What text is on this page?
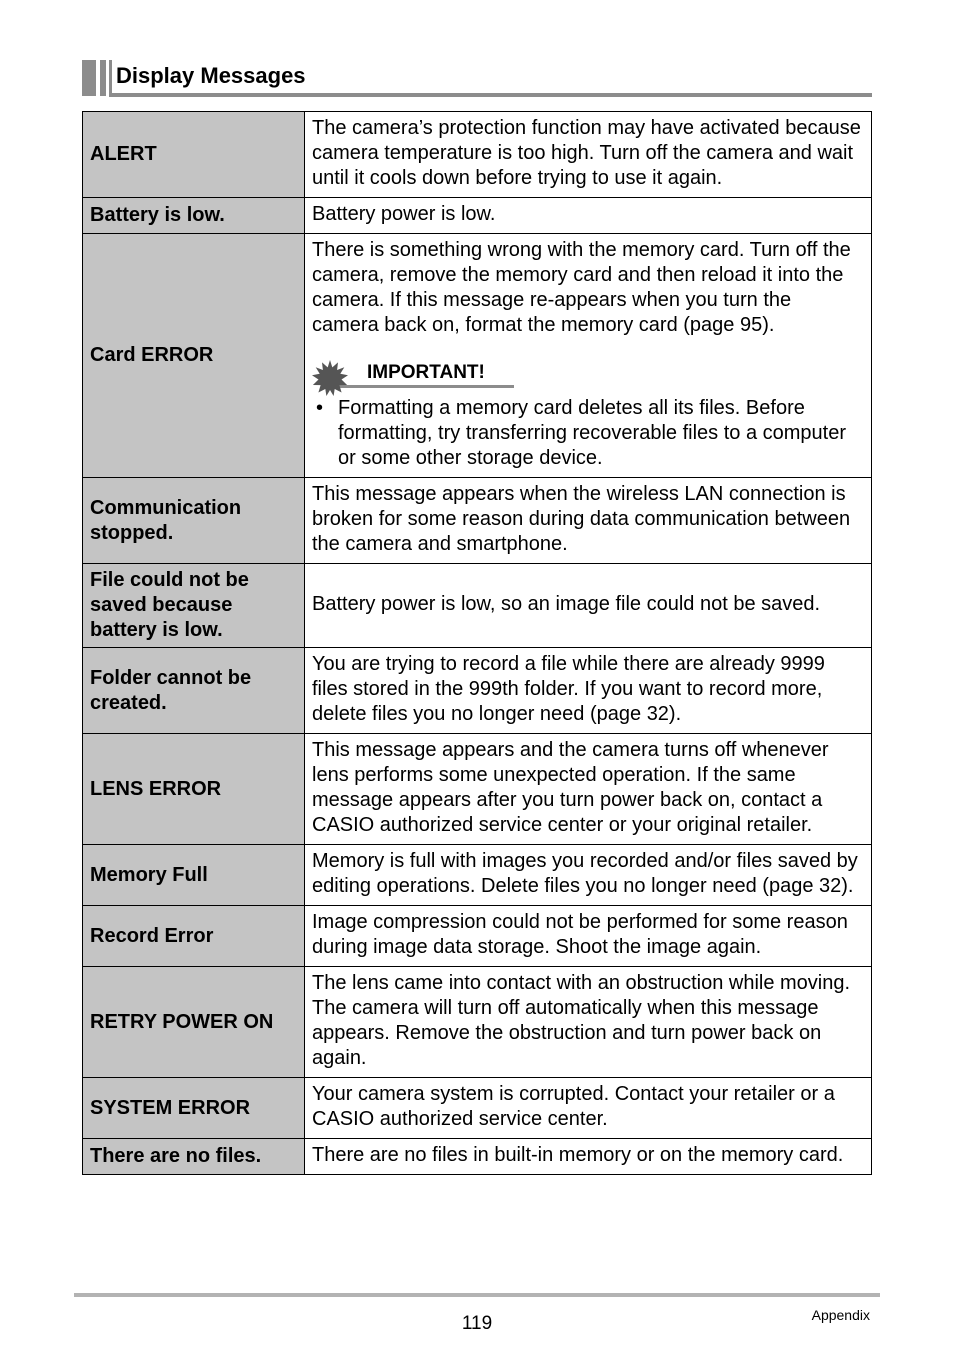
Display Messages
ALERT	The camera’s protection function may have activated because camera temperature is too high. Turn off the camera and wait until it cools down before trying to use it again.
Battery is low.	Battery power is low.
Card ERROR	There is something wrong with the memory card. Turn off the camera, remove the memory card and then reload it into the camera. If this message re-appears when you turn the camera back on, format the memory card (page 95).
IMPORTANT!
• Formatting a memory card deletes all its files. Before formatting, try transferring recoverable files to a computer or some other storage device.

Communication stopped.	This message appears when the wireless LAN connection is broken for some reason during data communication between the camera and smartphone.
File could not be saved because battery is low.	Battery power is low, so an image file could not be saved.
Folder cannot be created.	You are trying to record a file while there are already 9999 files stored in the 999th folder. If you want to record more, delete files you no longer need (page 32).
LENS ERROR	This message appears and the camera turns off whenever lens performs some unexpected operation. If the same message appears after you turn power back on, contact a CASIO authorized service center or your original retailer.
Memory Full	Memory is full with images you recorded and/or files saved by editing operations. Delete files you no longer need (page 32).
Record Error	Image compression could not be performed for some reason during image data storage. Shoot the image again.
RETRY POWER ON	The lens came into contact with an obstruction while moving. The camera will turn off automatically when this message appears. Remove the obstruction and turn power back on again.
SYSTEM ERROR	Your camera system is corrupted. Contact your retailer or a CASIO authorized service center.
There are no files.	There are no files in built-in memory or on the memory card.
119	Appendix
